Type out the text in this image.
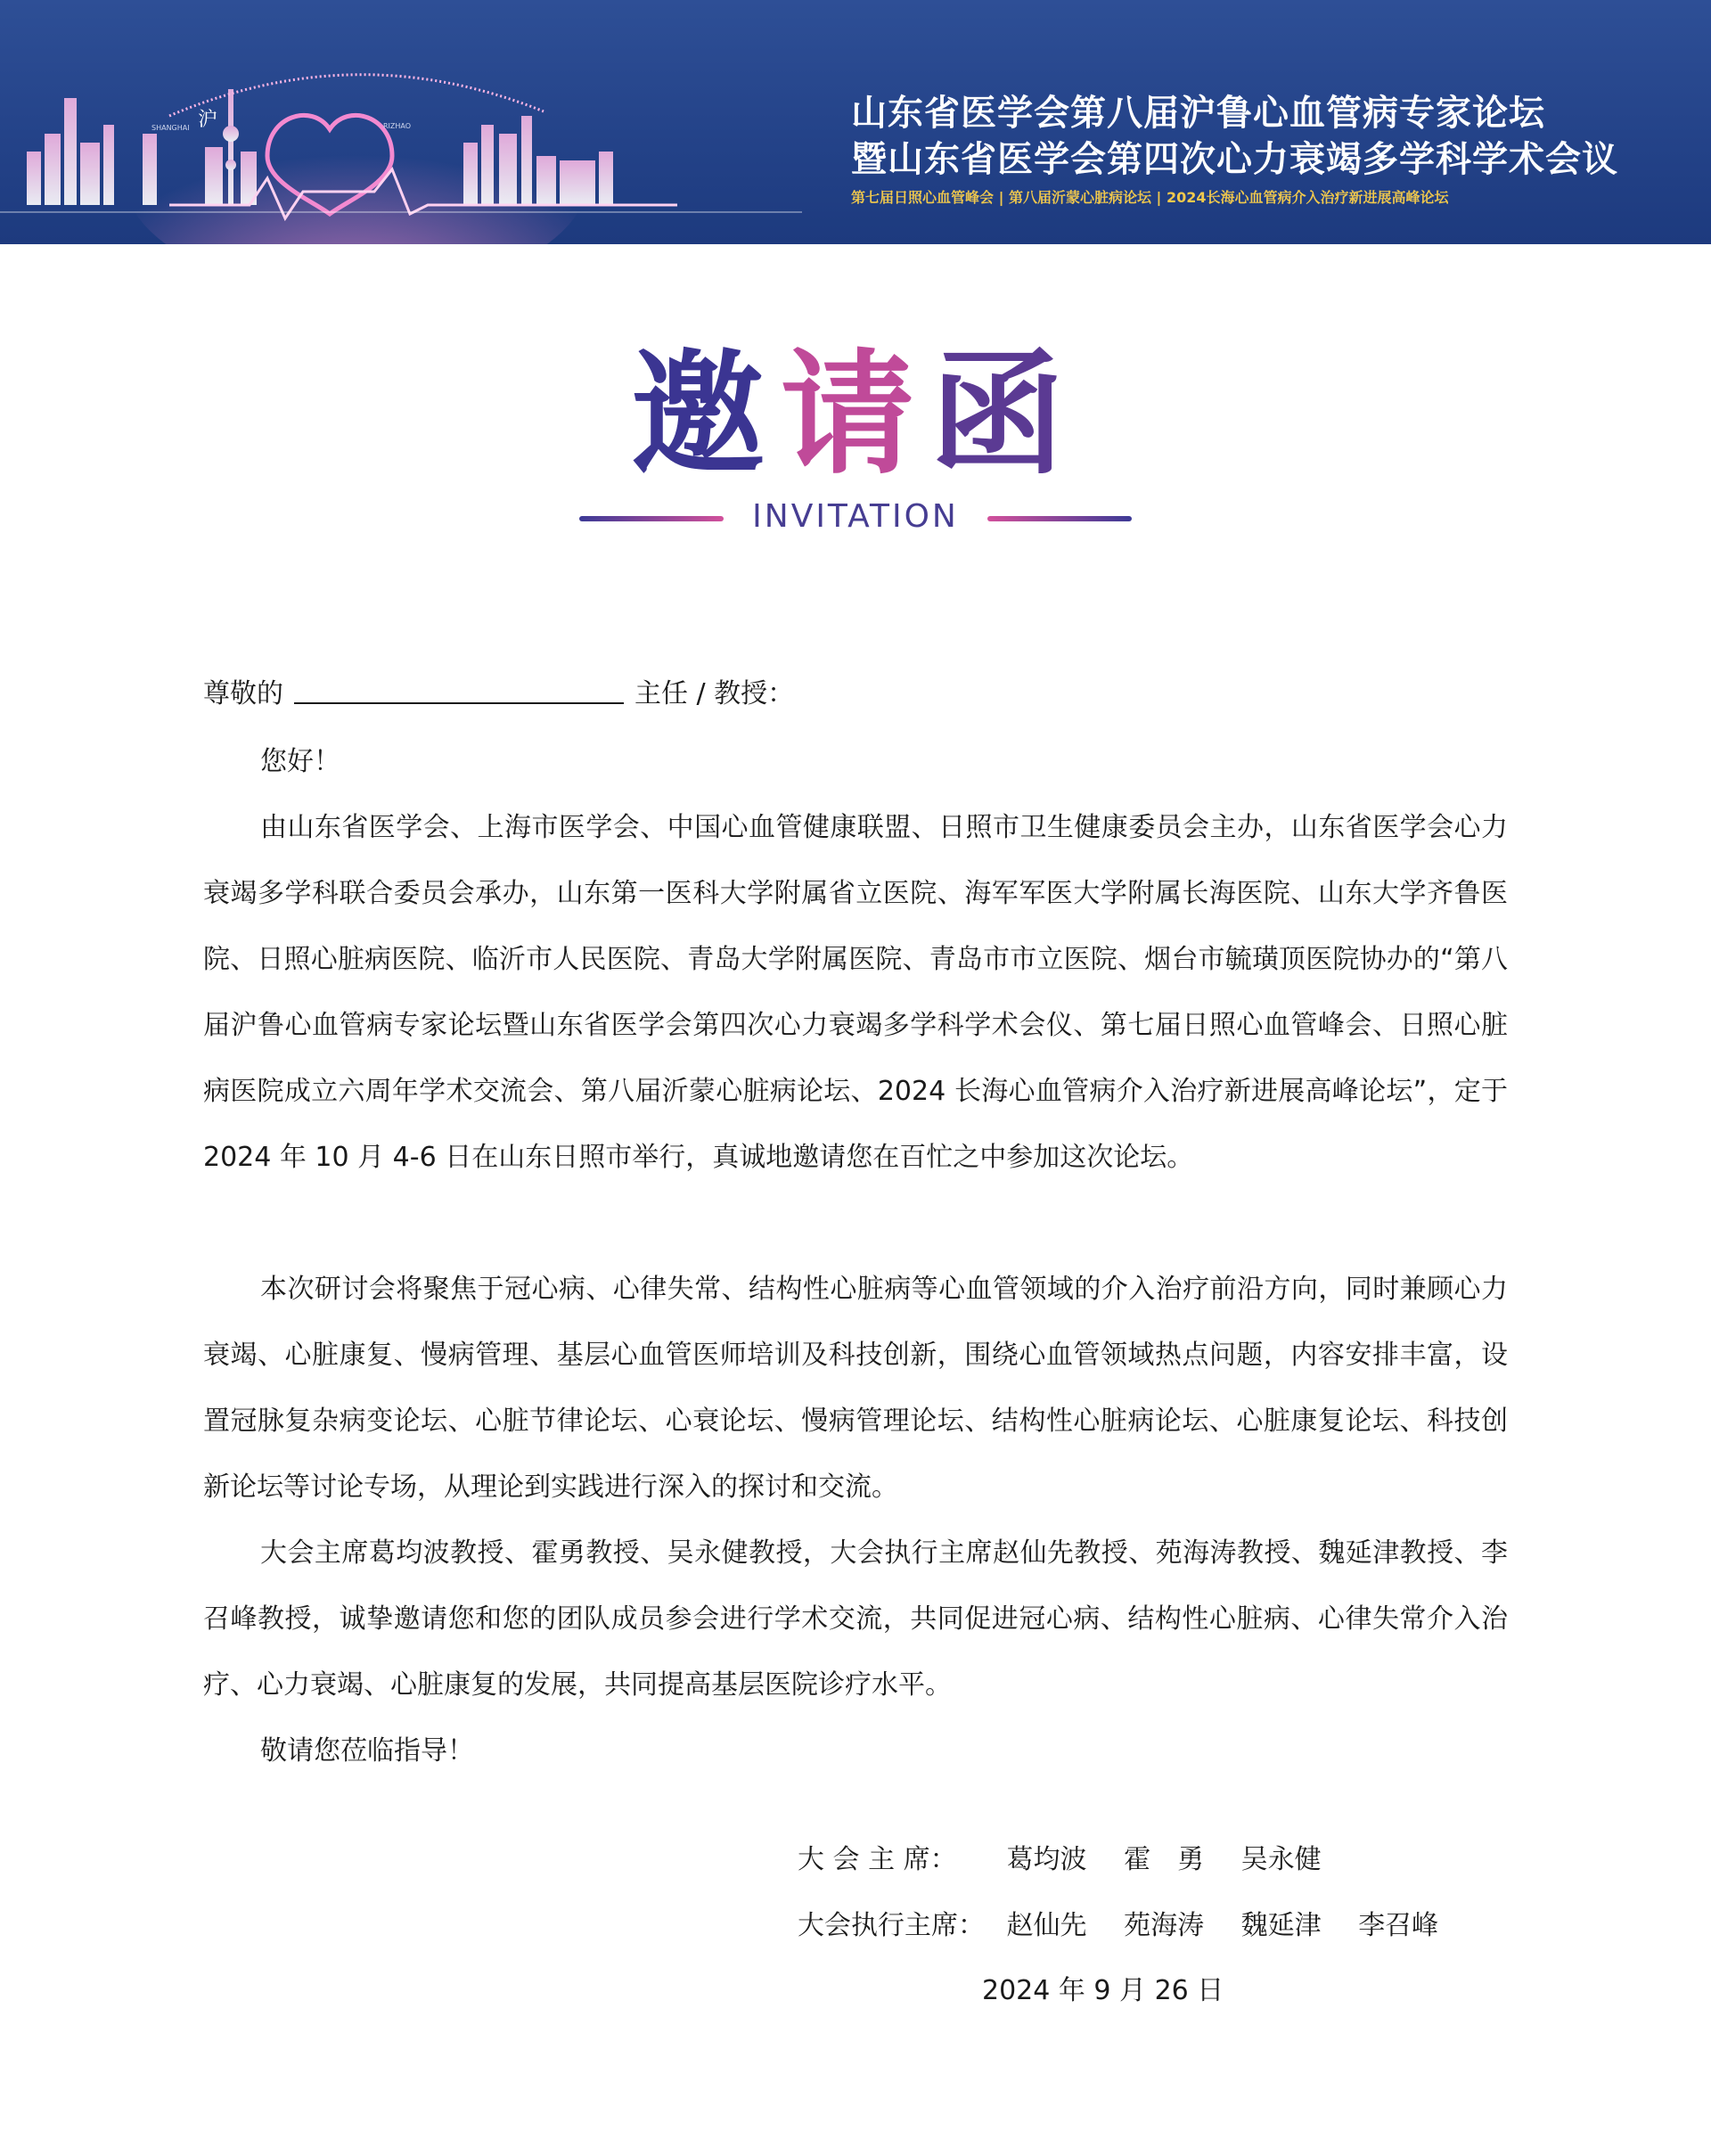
SHANGHAI 沪	RIZHAO	山东省医学会第八届沪鲁心血管病专家论坛
暨山东省医学会第四次心力衰竭多学科学术会议
第七届日照心血管峰会 | 第八届沂蒙心脏病论坛 | 2024长海心血管病介入治疗新进展高峰论坛
邀请函
INVITATION
尊敬的	主任 / 教授：

您好！

由山东省医学会、上海市医学会、中国心血管健康联盟、日照市卫生健康委员会主办，山东省医学会心力衰竭多学科联合委员会承办，山东第一医科大学附属省立医院、海军军医大学附属长海医院、山东大学齐鲁医院、日照心脏病医院、临沂市人民医院、青岛大学附属医院、青岛市市立医院、烟台市毓璜顶医院协办的“第八届沪鲁心血管病专家论坛暨山东省医学会第四次心力衰竭多学科学术会仪、第七届日照心血管峰会、日照心脏病医院成立六周年学术交流会、第八届沂蒙心脏病论坛、2024 长海心血管病介入治疗新进展高峰论坛”，定于 2024 年 10 月 4-6 日在山东日照市举行，真诚地邀请您在百忙之中参加这次论坛。

本次研讨会将聚焦于冠心病、心律失常、结构性心脏病等心血管领域的介入治疗前沿方向，同时兼顾心力衰竭、心脏康复、慢病管理、基层心血管医师培训及科技创新，围绕心血管领域热点问题，内容安排丰富，设置冠脉复杂病变论坛、心脏节律论坛、心衰论坛、慢病管理论坛、结构性心脏病论坛、心脏康复论坛、科技创新论坛等讨论专场，从理论到实践进行深入的探讨和交流。

大会主席葛均波教授、霍勇教授、吴永健教授，大会执行主席赵仙先教授、苑海涛教授、魏延津教授、李召峰教授，诚挚邀请您和您的团队成员参会进行学术交流，共同促进冠心病、结构性心脏病、心律失常介入治疗、心力衰竭、心脏康复的发展，共同提高基层医院诊疗水平。

敬请您莅临指导！

大 会 主 席： 葛均波 霍　勇 吴永健
大会执行主席： 赵仙先 苑海涛 魏延津 李召峰
2024 年 9 月 26 日
